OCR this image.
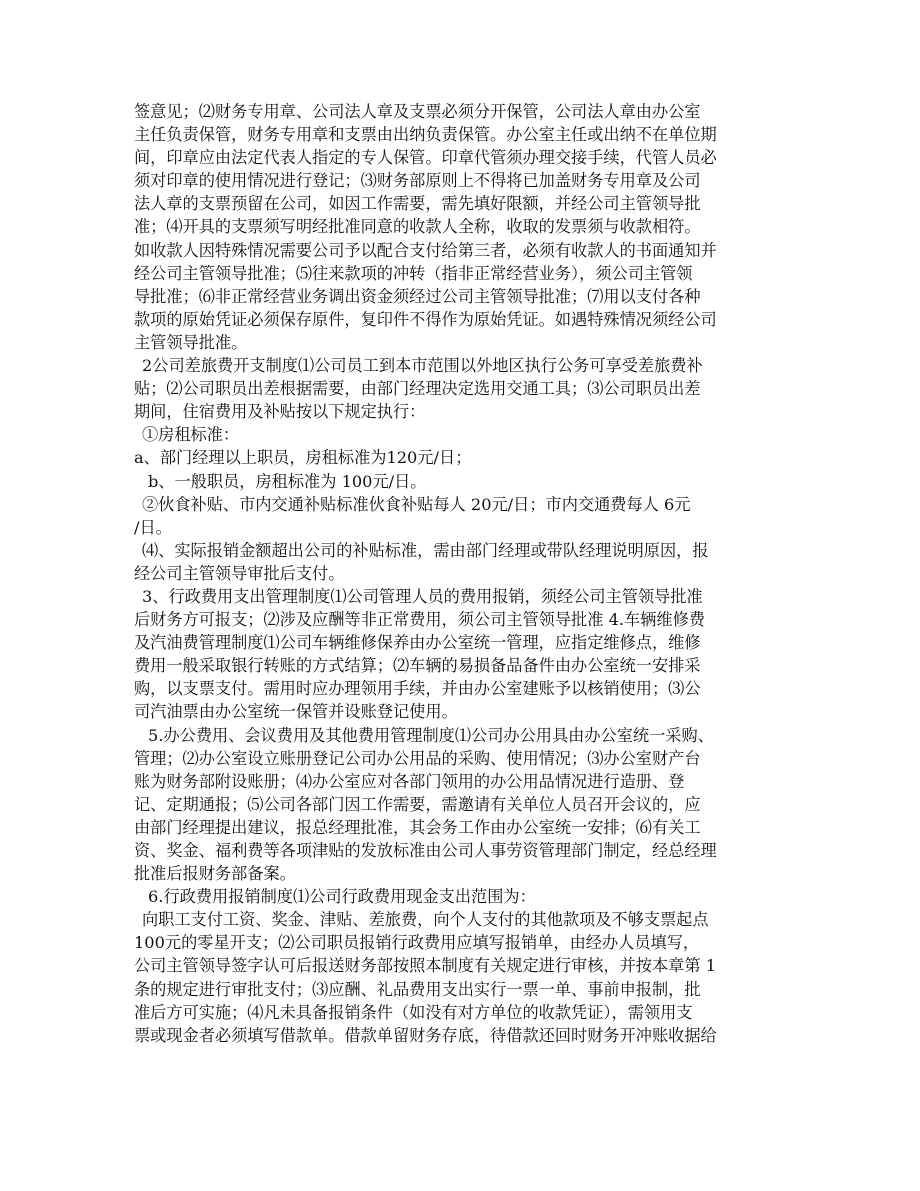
签意见；⑵财务专用章、公司法人章及支票必须分开保管，公司法人章由办公室
主任负责保管，财务专用章和支票由出纳负责保管。办公室主任或出纳不在单位期
间，印章应由法定代表人指定的专人保管。印章代管须办理交接手续，代管人员必
须对印章的使用情况进行登记；⑶财务部原则上不得将已加盖财务专用章及公司
法人章的支票预留在公司，如因工作需要，需先填好限额，并经公司主管领导批
准；⑷开具的支票须写明经批准同意的收款人全称，收取的发票须与收款相符。
如收款人因特殊情况需要公司予以配合支付给第三者，必须有收款人的书面通知并
经公司主管领导批准；⑸往来款项的冲转（指非正常经营业务），须公司主管领
导批准；⑹非正常经营业务调出资金须经过公司主管领导批准；⑺用以支付各种
款项的原始凭证必须保存原件，复印件不得作为原始凭证。如遇特殊情况须经公司
主管领导批准。
2公司差旅费开支制度⑴公司员工到本市范围以外地区执行公务可享受差旅费补
贴；⑵公司职员出差根据需要，由部门经理决定选用交通工具；⑶公司职员出差
期间，住宿费用及补贴按以下规定执行：
①房租标准：
a、部门经理以上职员，房租标准为120元/日；
b、一般职员，房租标准为 100元/日。
②伙食补贴、市内交通补贴标准伙食补贴每人 20元/日；市内交通费每人 6元
/日。
⑷、实际报销金额超出公司的补贴标准，需由部门经理或带队经理说明原因，报
经公司主管领导审批后支付。
3、行政费用支出管理制度⑴公司管理人员的费用报销，须经公司主管领导批准
后财务方可报支；⑵涉及应酬等非正常费用，须公司主管领导批准 4.车辆维修费
及汽油费管理制度⑴公司车辆维修保养由办公室统一管理，应指定维修点，维修
费用一般采取银行转账的方式结算；⑵车辆的易损备品备件由办公室统一安排采
购，以支票支付。需用时应办理领用手续，并由办公室建账予以核销使用；⑶公
司汽油票由办公室统一保管并设账登记使用。
5.办公费用、会议费用及其他费用管理制度⑴公司办公用具由办公室统一采购、
管理；⑵办公室设立账册登记公司办公用品的采购、使用情况；⑶办公室财产台
账为财务部附设账册；⑷办公室应对各部门领用的办公用品情况进行造册、登
记、定期通报；⑸公司各部门因工作需要，需邀请有关单位人员召开会议的，应
由部门经理提出建议，报总经理批准，其会务工作由办公室统一安排；⑹有关工
资、奖金、福利费等各项津贴的发放标准由公司人事劳资管理部门制定，经总经理
批准后报财务部备案。
6.行政费用报销制度⑴公司行政费用现金支出范围为：
向职工支付工资、奖金、津贴、差旅费，向个人支付的其他款项及不够支票起点
100元的零星开支；⑵公司职员报销行政费用应填写报销单，由经办人员填写，
公司主管领导签字认可后报送财务部按照本制度有关规定进行审核，并按本章第 1
条的规定进行审批支付；⑶应酬、礼品费用支出实行一票一单、事前申报制，批
准后方可实施；⑷凡未具备报销条件（如没有对方单位的收款凭证），需领用支
票或现金者必须填写借款单。借款单留财务存底，待借款还回时财务开冲账收据给
